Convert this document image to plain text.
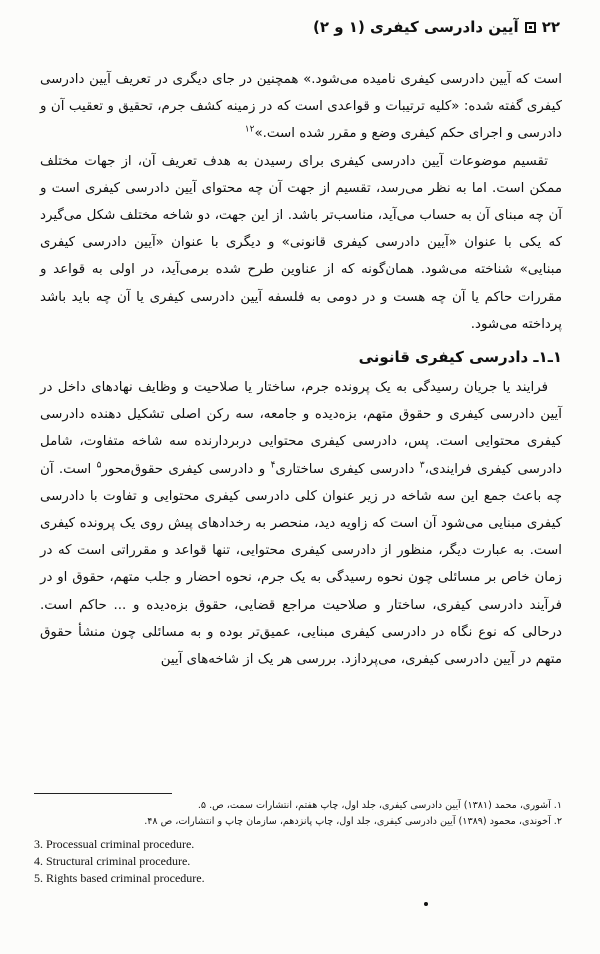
۲۲
آیین دادرسی کیفری (۱ و ۲)

است که آیین دادرسی کیفری نامیده می‌شود.» همچنین در جای دیگری در تعریف آیین دادرسی کیفری گفته شده: «کلیه ترتیبات و قواعدی است که در زمینه کشف جرم، تحقیق و تعقیب آن و دادرسی و اجرای حکم کیفری وضع و مقرر شده است.»$^{۱۲}$

تقسیم موضوعات آیین دادرسی کیفری برای رسیدن به هدف تعریف آن، از جهات مختلف ممکن است. اما به نظر می‌رسد، تقسیم از جهت آن چه محتوای آیین دادرسی کیفری است و آن چه مبنای آن به حساب می‌آید، مناسب‌تر باشد. از این جهت، دو شاخه مختلف شکل می‌گیرد که یکی با عنوان «آیین دادرسی کیفری قانونی» و دیگری با عنوان «آیین دادرسی کیفری مبنایی» شناخته می‌شود. همان‌گونه که از عناوین طرح شده برمی‌آید، در اولی به قواعد و مقررات حاکم یا آن چه هست و در دومی به فلسفه آیین دادرسی کیفری یا آن چه باید باشد پرداخته می‌شود.

۱ـ۱ـ دادرسی کیفری قانونی

فرایند یا جریان رسیدگی به یک پرونده جرم، ساختار یا صلاحیت و وظایف نهادهای داخل در آیین دادرسی کیفری و حقوق متهم، بزه‌دیده و جامعه، سه رکن اصلی تشکیل دهنده دادرسی کیفری محتوایی است. پس، دادرسی کیفری محتوایی دربردارنده سه شاخه متفاوت، شامل دادرسی کیفری فرایندی،$^۳$ دادرسی کیفری ساختاری$^۴$ و دادرسی کیفری حقوق‌محور$^۵$ است. آن چه باعث جمع این سه شاخه در زیر عنوان کلی دادرسی کیفری محتوایی و تفاوت با دادرسی کیفری مبنایی می‌شود آن است که زاویه دید، منحصر به رخدادهای پیش روی یک پرونده کیفری است. به عبارت دیگر، منظور از دادرسی کیفری محتوایی، تنها قواعد و مقرراتی است که در زمان خاص بر مسائلی چون نحوه رسیدگی به یک جرم، نحوه احضار و جلب متهم، حقوق او در فرآیند دادرسی کیفری، ساختار و صلاحیت مراجع قضایی، حقوق بزه‌دیده و ... حاکم است. درحالی که نوع نگاه در دادرسی کیفری مبنایی، عمیق‌تر بوده و به مسائلی چون منشأ حقوق متهم در آیین دادرسی کیفری، می‌پردازد. بررسی هر یک از شاخه‌های آیین

۱. آشوری، محمد (۱۳۸۱) آیین دادرسی کیفری، جلد اول، چاپ هفتم، انتشارات سمت، ص. ۵.
۲. آخوندی، محمود (۱۳۸۹) آیین دادرسی کیفری، جلد اول، چاپ پانزدهم، سازمان چاپ و انتشارات، ص ۴۸.
3. Processual criminal procedure.
4. Structural criminal procedure.
5. Rights based criminal procedure.
